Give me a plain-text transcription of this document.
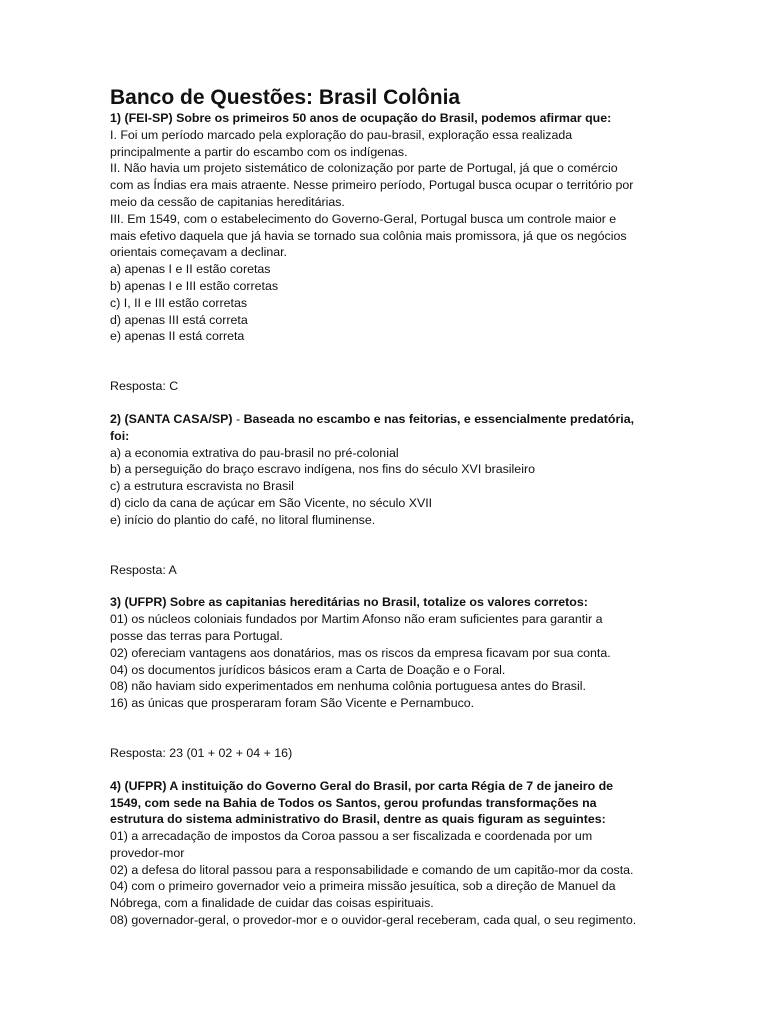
Banco de Questões: Brasil Colônia
1) (FEI-SP) Sobre os primeiros 50 anos de ocupação do Brasil, podemos afirmar que:
I. Foi um período marcado pela exploração do pau-brasil, exploração essa realizada
principalmente a partir do escambo com os indígenas.
II. Não havia um projeto sistemático de colonização por parte de Portugal, já que o comércio
com as Índias era mais atraente. Nesse primeiro período, Portugal busca ocupar o território por
meio da cessão de capitanias hereditárias.
III. Em 1549, com o estabelecimento do Governo-Geral, Portugal busca um controle maior e
mais efetivo daquela que já havia se tornado sua colônia mais promissora, já que os negócios
orientais começavam a declinar.
a) apenas I e II estão coretas
b) apenas I e III estão corretas
c) I, II e III estão corretas
d) apenas III está correta
e) apenas II está correta
Resposta: C
2) (SANTA CASA/SP) - Baseada no escambo e nas feitorias, e essencialmente predatória,
foi:
a) a economia extrativa do pau-brasil no pré-colonial
b) a perseguição do braço escravo indígena, nos fins do século XVI brasileiro
c) a estrutura escravista no Brasil
d) ciclo da cana de açúcar em São Vicente, no século XVII
e) início do plantio do café, no litoral fluminense.
Resposta: A
3) (UFPR) Sobre as capitanias hereditárias no Brasil, totalize os valores corretos:
01) os núcleos coloniais fundados por Martim Afonso não eram suficientes para garantir a
posse das terras para Portugal.
02) ofereciam vantagens aos donatários, mas os riscos da empresa ficavam por sua conta.
04) os documentos jurídicos básicos eram a Carta de Doação e o Foral.
08) não haviam sido experimentados em nenhuma colônia portuguesa antes do Brasil.
16) as únicas que prosperaram foram São Vicente e Pernambuco.
Resposta: 23 (01 + 02 + 04 + 16)
4) (UFPR) A instituição do Governo Geral do Brasil, por carta Régia de 7 de janeiro de
1549, com sede na Bahia de Todos os Santos, gerou profundas transformações na
estrutura do sistema administrativo do Brasil, dentre as quais figuram as seguintes:
01) a arrecadação de impostos da Coroa passou a ser fiscalizada e coordenada por um
provedor-mor
02) a defesa do litoral passou para a responsabilidade e comando de um capitão-mor da costa.
04) com o primeiro governador veio a primeira missão jesuítica, sob a direção de Manuel da
Nóbrega, com a finalidade de cuidar das coisas espirituais.
08) governador-geral, o provedor-mor e o ouvidor-geral receberam, cada qual, o seu regimento.
